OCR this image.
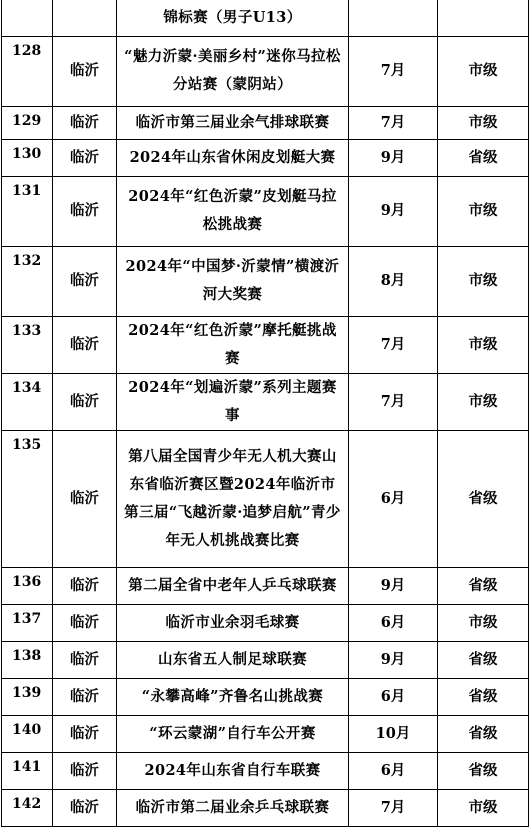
		锦标赛（男子U13）		
128	临沂	“魅力沂蒙·美丽乡村”迷你马拉松分站赛（蒙阴站）	7月	市级
129	临沂	临沂市第三届业余气排球联赛	7月	市级
130	临沂	2024年山东省休闲皮划艇大赛	9月	省级
131	临沂	2024年“红色沂蒙”皮划艇马拉松挑战赛	9月	市级
132	临沂	2024年“中国梦·沂蒙情”横渡沂河大奖赛	8月	市级
133	临沂	2024年“红色沂蒙”摩托艇挑战赛	7月	市级
134	临沂	2024年“划遍沂蒙”系列主题赛事	7月	市级
135	临沂	第八届全国青少年无人机大赛山东省临沂赛区暨2024年临沂市第三届“飞越沂蒙·追梦启航”青少年无人机挑战赛比赛	6月	省级
136	临沂	第二届全省中老年人乒乓球联赛	9月	省级
137	临沂	临沂市业余羽毛球赛	6月	市级
138	临沂	山东省五人制足球联赛	9月	省级
139	临沂	“永攀高峰”齐鲁名山挑战赛	6月	省级
140	临沂	“环云蒙湖”自行车公开赛	10月	省级
141	临沂	2024年山东省自行车联赛	6月	省级
142	临沂	临沂市第二届业余乒乓球联赛	7月	市级
